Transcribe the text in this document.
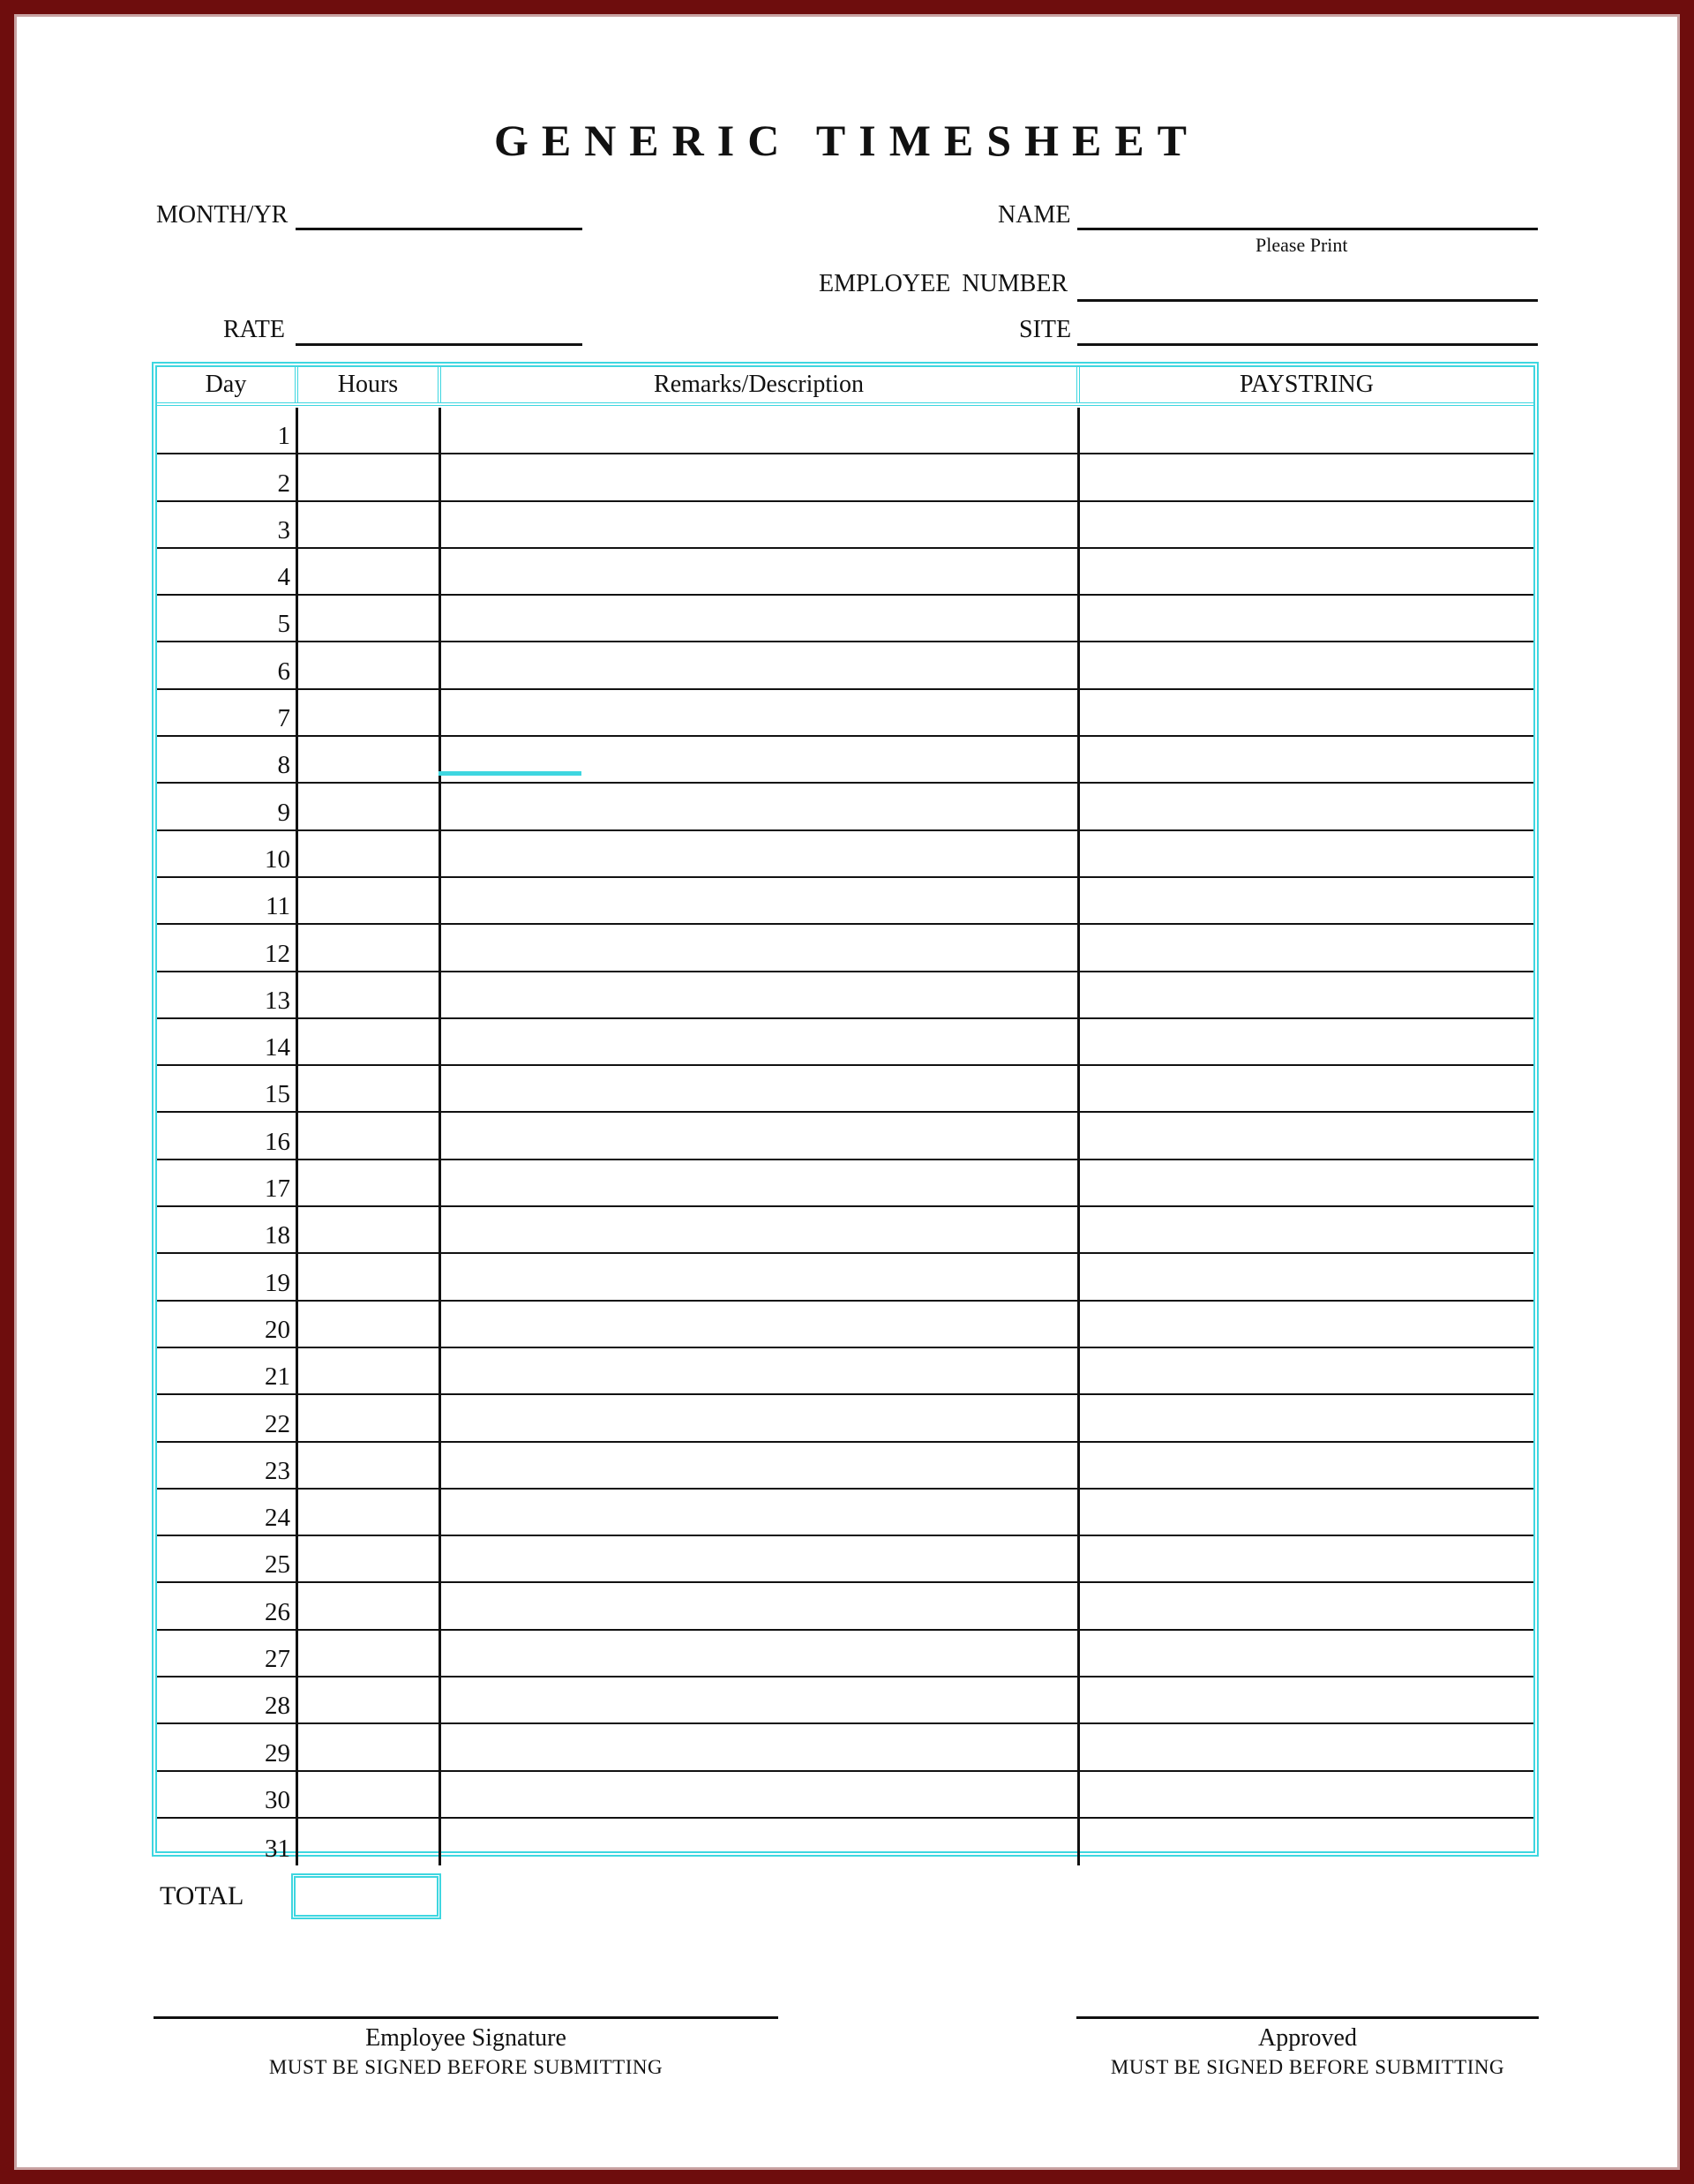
GENERIC TIMESHEET
MONTH/YR	NAME
Please Print
EMPLOYEE NUMBER
RATE	SITE
Day	Hours	Remarks/Description	PAYSTRING
1
2
3
4
5
6
7
8
9
10
11
12
13
14
15
16
17
18
19
20
21
22
23
24
25
26
27
28
29
30
31
TOTAL
Employee Signature
MUST BE SIGNED BEFORE SUBMITTING
Approved
MUST BE SIGNED BEFORE SUBMITTING
